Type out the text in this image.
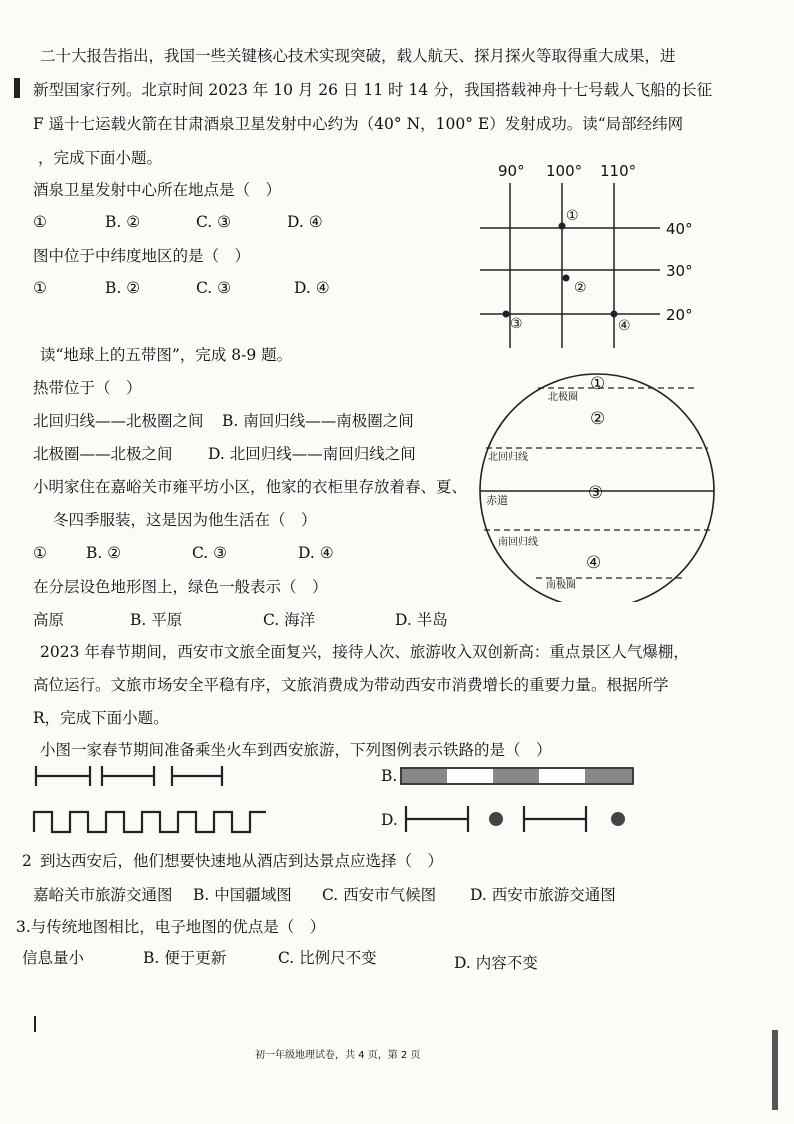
二十大报告指出，我国一些关键核心技术实现突破，载人航天、探月探火等取得重大成果，进
新型国家行列。北京时间 2023 年 10 月 26 日 11 时 14 分，我国搭载神舟十七号载人飞船的长征
F 遥十七运载火箭在甘肃酒泉卫星发射中心约为（40° N，100° E）发射成功。读“局部经纬网
，完成下面小题。
酒泉卫星发射中心所在地点是（　）
①	B. ②	C. ③	D. ④
图中位于中纬度地区的是（　）
①	B. ②	C. ③	D. ④
90° 100° 110°
40°
30°
20°
①
②
③	④
读“地球上的五带图”，完成 8-9 题。
热带位于（　）
北回归线——北极圈之间 B. 南回归线——南极圈之间
北极圈——北极之间 D. 北回归线——南回归线之间
小明家住在嘉峪关市雍平坊小区，他家的衣柜里存放着春、夏、
冬四季服装，这是因为他生活在（　）
①	B. ②	C. ③	D. ④
北极圈
北回归线
赤道
南回归线
南极圈
①
②
③
④
在分层设色地形图上，绿色一般表示（　）
高原	B. 平原	C. 海洋	D. 半岛
2023 年春节期间，西安市文旅全面复兴，接待人次、旅游收入双创新高：重点景区人气爆棚，
高位运行。文旅市场安全平稳有序，文旅消费成为带动西安市消费增长的重要力量。根据所学
R，完成下面小题。
小图一家春节期间准备乘坐火车到西安旅游，下列图例表示铁路的是（　）
B.
D.
2 到达西安后，他们想要快速地从酒店到达景点应选择（　）
嘉峪关市旅游交通图 B. 中国疆域图 C. 西安市气候图 D. 西安市旅游交通图
3.与传统地图相比，电子地图的优点是（　）
信息量小	B. 便于更新	C. 比例尺不变	D. 内容不变
初一年级地理试卷，共 4 页，第 2 页
